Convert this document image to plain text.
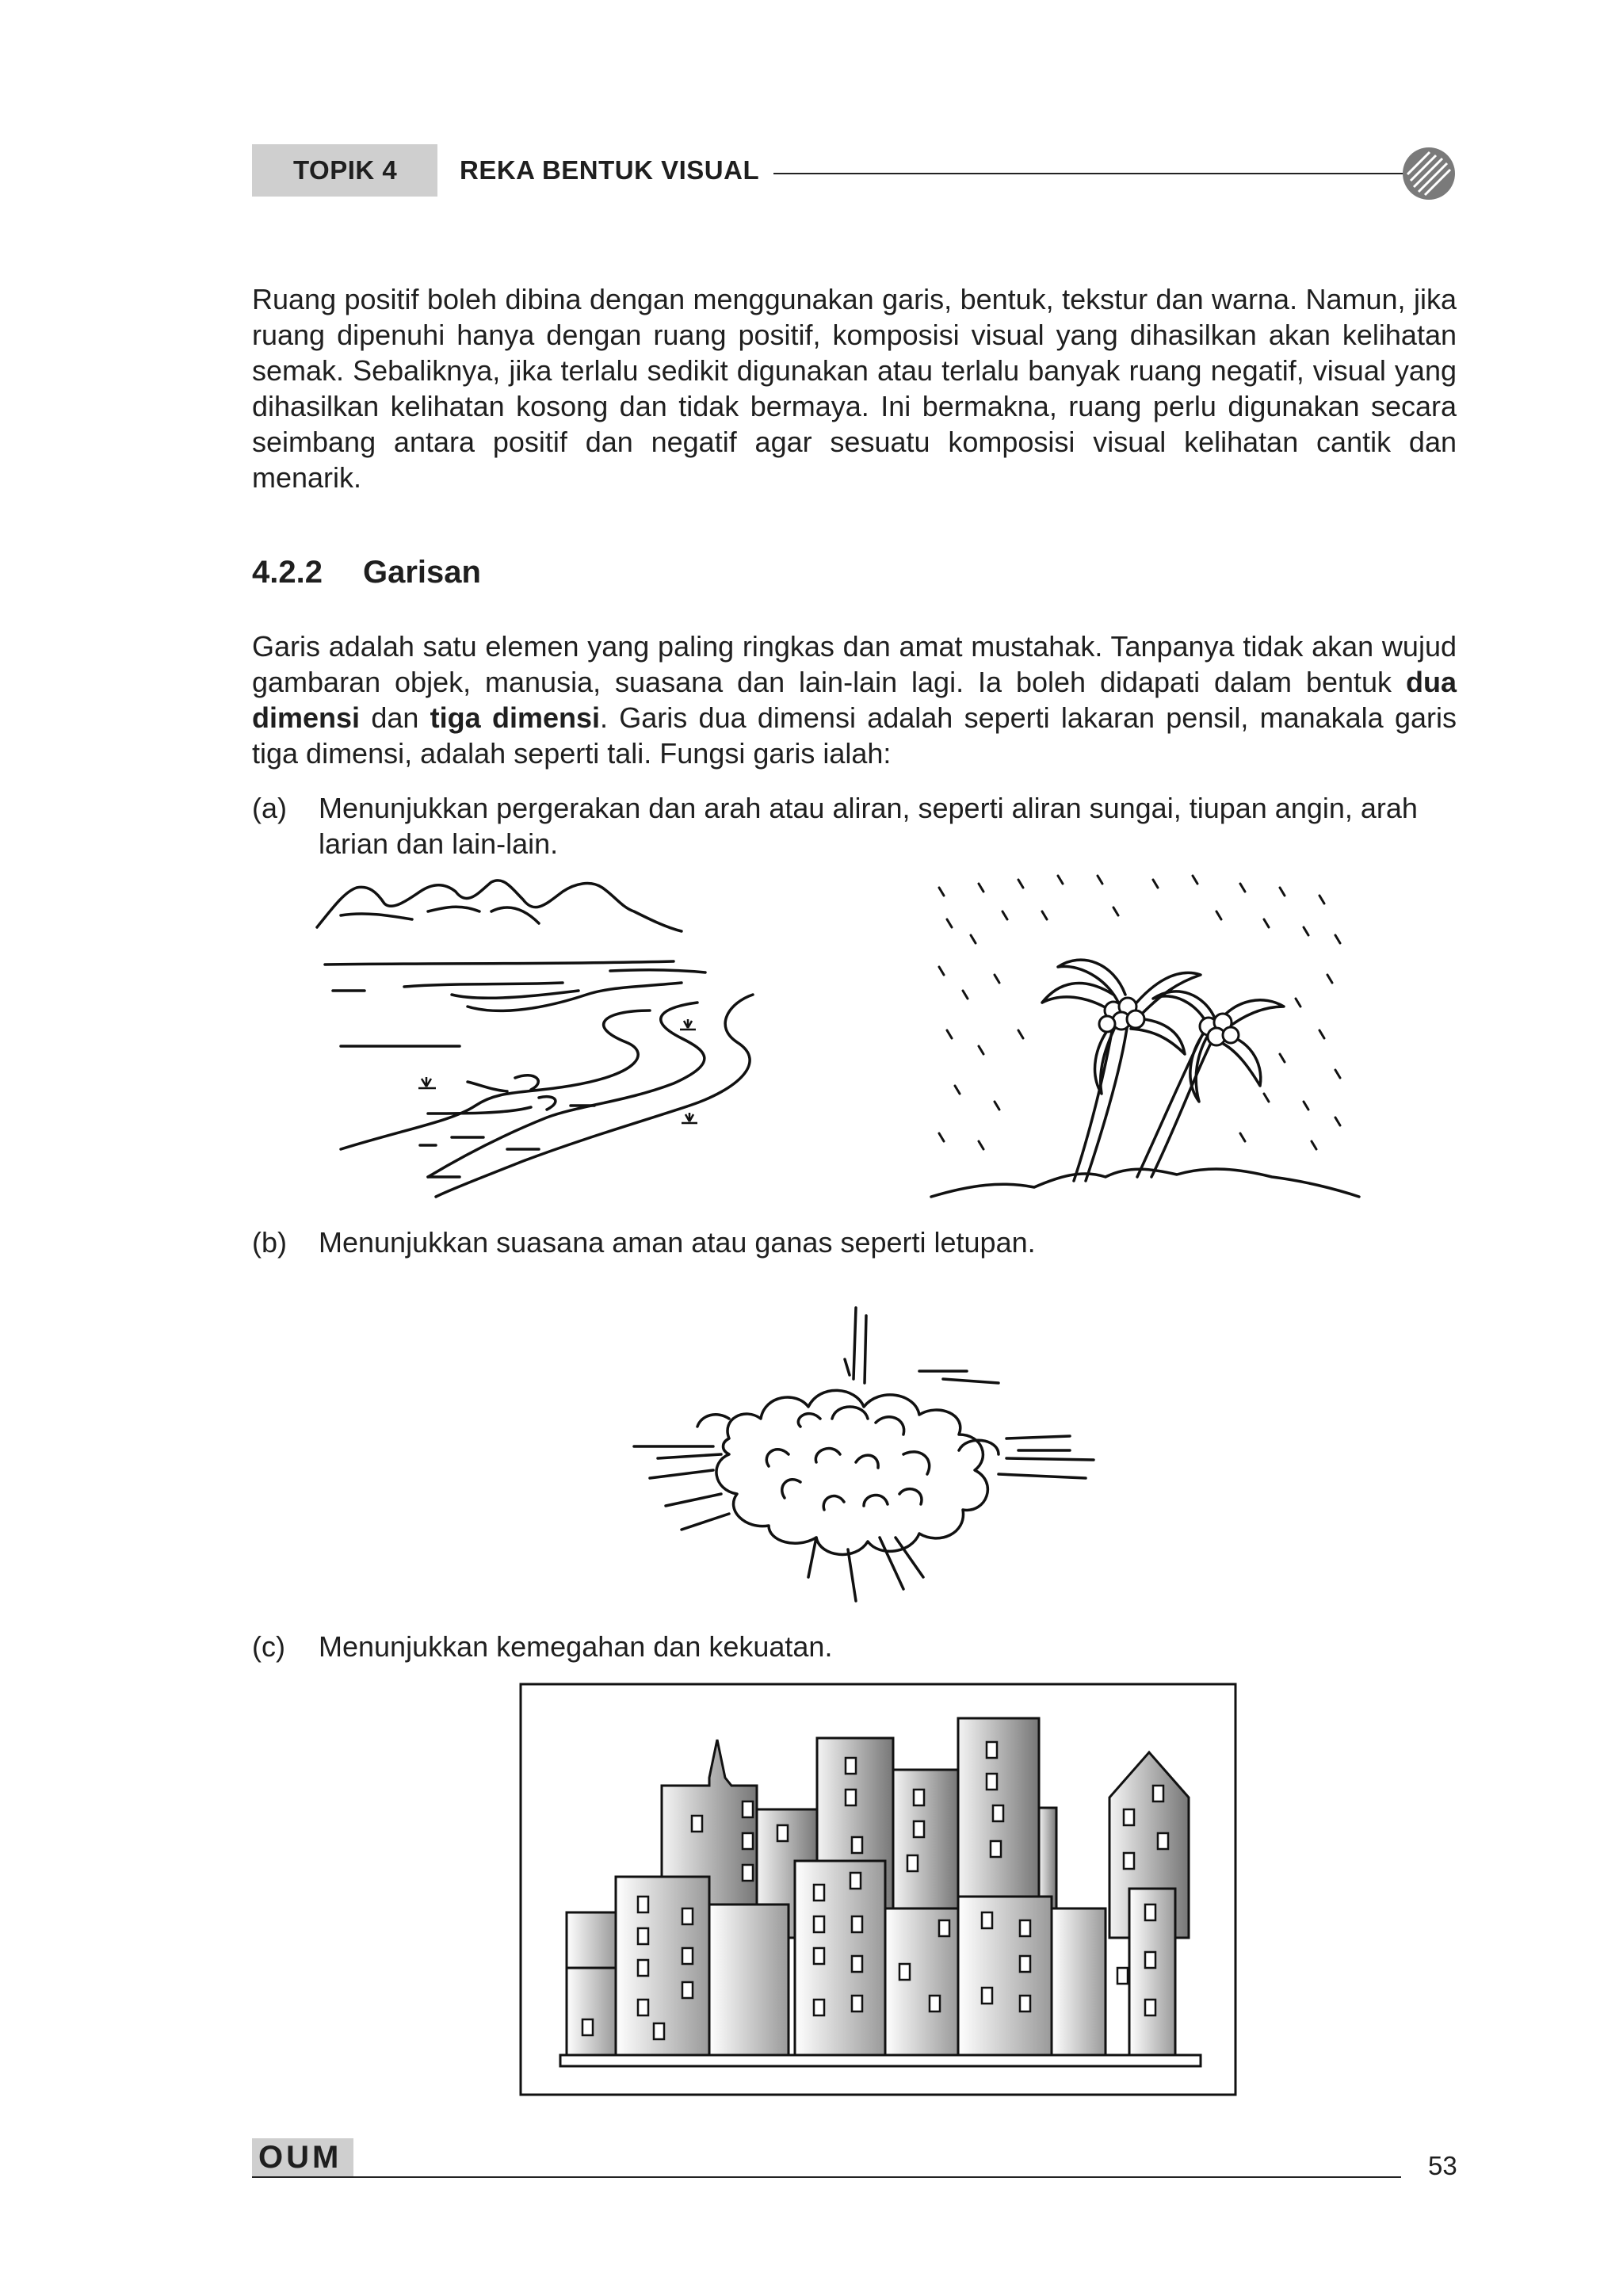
TOPIK 4 REKA BENTUK VISUAL

Ruang positif boleh dibina dengan menggunakan garis, bentuk, tekstur dan warna. Namun, jika ruang dipenuhi hanya dengan ruang positif, komposisi visual yang dihasilkan akan kelihatan semak. Sebaliknya, jika terlalu sedikit digunakan atau terlalu banyak ruang negatif, visual yang dihasilkan kelihatan kosong dan tidak bermaya. Ini bermakna, ruang perlu digunakan secara seimbang antara positif dan negatif agar sesuatu komposisi visual kelihatan cantik dan menarik.

4.2.2 Garisan

Garis adalah satu elemen yang paling ringkas dan amat mustahak. Tanpanya tidak akan wujud gambaran objek, manusia, suasana dan lain-lain lagi. Ia boleh didapati dalam bentuk dua dimensi dan tiga dimensi. Garis dua dimensi adalah seperti lakaran pensil, manakala garis tiga dimensi, adalah seperti tali. Fungsi garis ialah:

(a) Menunjukkan pergerakan dan arah atau aliran, seperti aliran sungai, tiupan angin, arah larian dan lain-lain.
(b) Menunjukkan suasana aman atau ganas seperti letupan.
(c) Menunjukkan kemegahan dan kekuatan.
OUM	53
